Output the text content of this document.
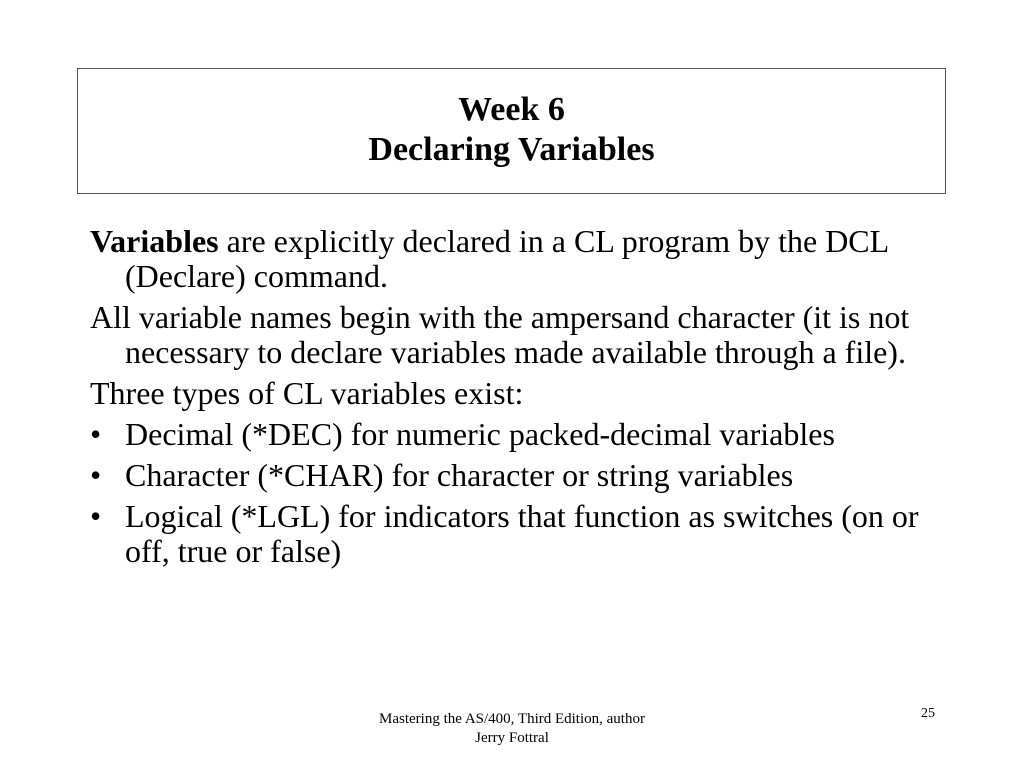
Week 6
Declaring Variables

Variables are explicitly declared in a CL program by the DCL (Declare) command.

All variable names begin with the ampersand character (it is not necessary to declare variables made available through a file).

Three types of CL variables exist:

• Decimal (*DEC) for numeric packed-decimal variables
• Character (*CHAR) for character or string variables
• Logical (*LGL) for indicators that function as switches (on or off, true or false)
Mastering the AS/400, Third Edition, author
Jerry Fottral
25
